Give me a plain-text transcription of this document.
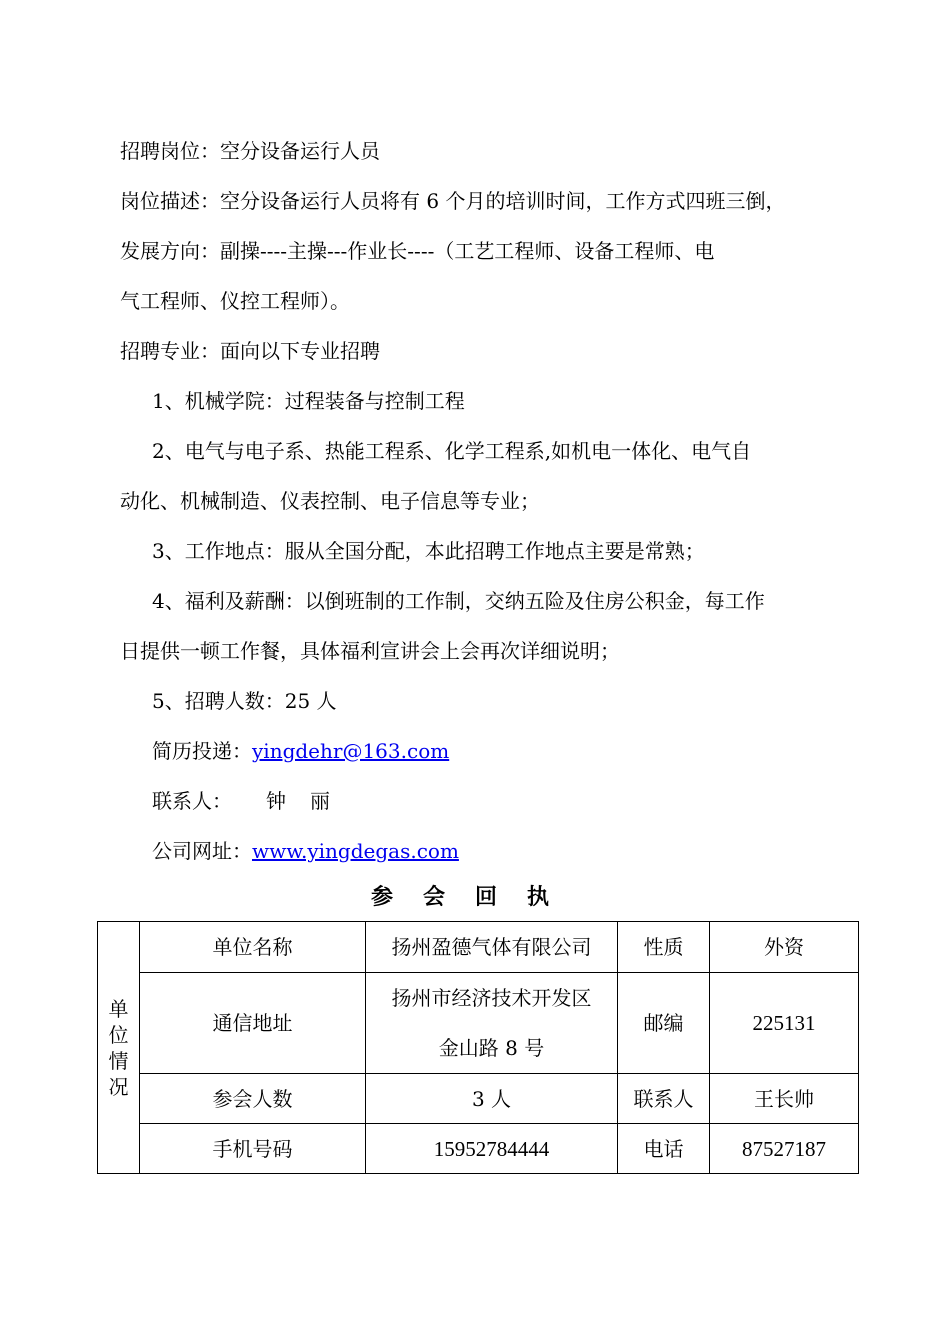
招聘岗位：空分设备运行人员
岗位描述：空分设备运行人员将有 6 个月的培训时间，工作方式四班三倒，
发展方向：副操----主操---作业长----（工艺工程师、设备工程师、电
气工程师、仪控工程师）。
招聘专业：面向以下专业招聘
1、机械学院：过程装备与控制工程
2、电气与电子系、热能工程系、化学工程系,如机电一体化、电气自
动化、机械制造、仪表控制、电子信息等专业；
3、工作地点：服从全国分配，本此招聘工作地点主要是常熟；
4、福利及薪酬：以倒班制的工作制，交纳五险及住房公积金，每工作
日提供一顿工作餐，具体福利宣讲会上会再次详细说明；
5、招聘人数：25 人
简历投递：yingdehr@163.com
联系人： 钟 丽
公司网址：www.yingdegas.com
参会回执
单
位
情
况	单位名称	扬州盈德气体有限公司	性质	外资
	通信地址	扬州市经济技术开发区
金山路 8 号	邮编	225131
	参会人数	3 人	联系人	王长帅
	手机号码	15952784444	电话	87527187
